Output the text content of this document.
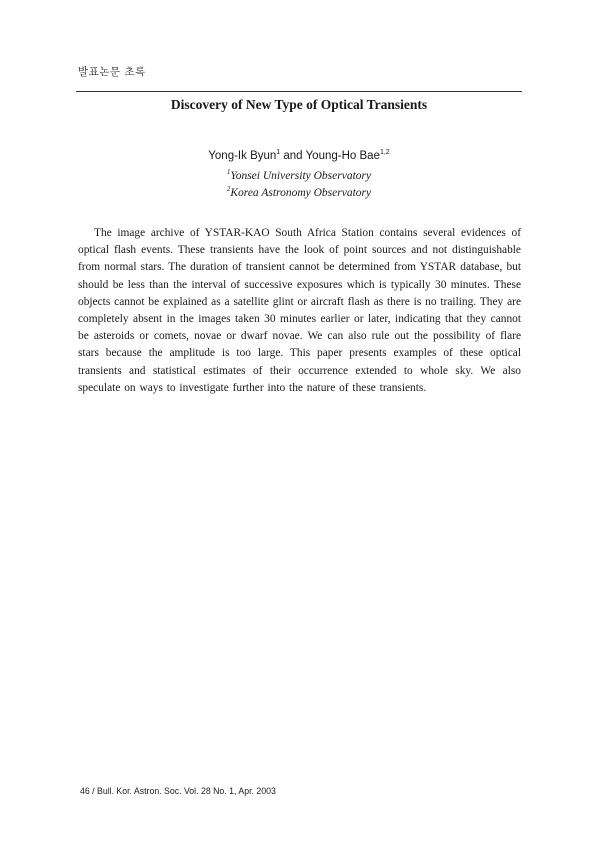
발표논문 초록
Discovery of New Type of Optical Transients
Yong-Ik Byun$^1$ and Young-Ho Bae$^{1,2}$
$^1$Yonsei University Observatory
$^2$Korea Astronomy Observatory

The image archive of YSTAR-KAO South Africa Station contains several evidences of optical flash events. These transients have the look of point sources and not distinguishable from normal stars. The duration of transient cannot be determined from YSTAR database, but should be less than the interval of successive exposures which is typically 30 minutes. These objects cannot be explained as a satellite glint or aircraft flash as there is no trailing. They are completely absent in the images taken 30 minutes earlier or later, indicating that they cannot be asteroids or comets, novae or dwarf novae. We can also rule out the possibility of flare stars because the amplitude is too large. This paper presents examples of these optical transients and statistical estimates of their occurrence extended to whole sky. We also speculate on ways to investigate further into the nature of these transients.

46 / Bull. Kor. Astron. Soc. Vol. 28 No. 1, Apr. 2003
